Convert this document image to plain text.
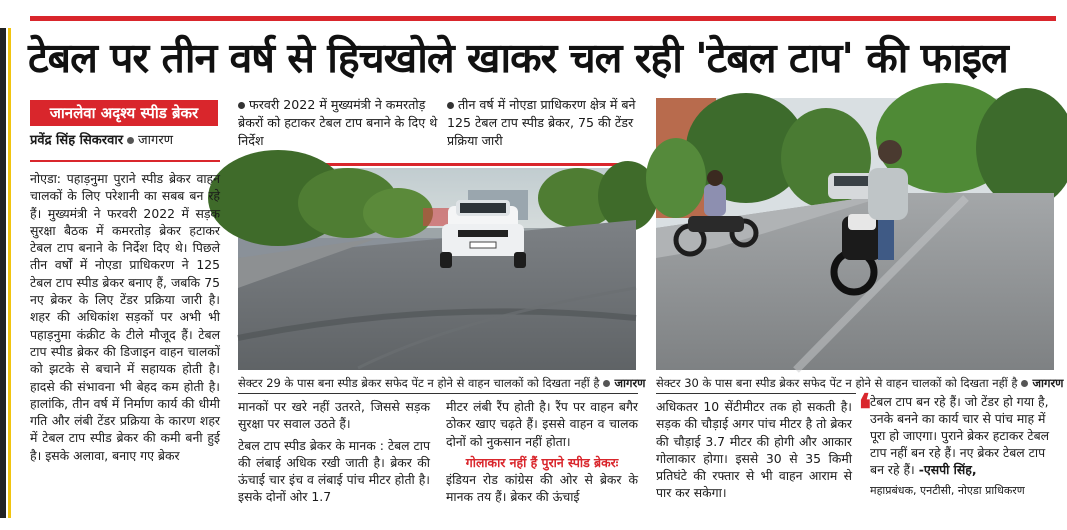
टेबल पर तीन वर्ष से हिचखोले खाकर चल रही 'टेबल टाप' की फाइल
जानलेवा अदृश्य स्पीड ब्रेकर
प्रवेंद्र सिंह सिकरवार जागरण
फरवरी 2022 में मुख्यमंत्री ने कमरतोड़ ब्रेकरों को हटाकर टेबल टाप बनाने के दिए थे निर्देश
तीन वर्ष में नोएडा प्राधिकरण क्षेत्र में बने 125 टेबल टाप स्पीड ब्रेकर, 75 की टेंडर प्रक्रिया जारी

नोएडा: पहाड़नुमा पुराने स्पीड ब्रेकर वाहन चालकों के लिए परेशानी का सबब बन रहे हैं। मुख्यमंत्री ने फरवरी 2022 में सड़क सुरक्षा बैठक में कमरतोड़ ब्रेकर हटाकर टेबल टाप बनाने के निर्देश दिए थे। पिछले तीन वर्षों में नोएडा प्राधिकरण ने 125 टेबल टाप स्पीड ब्रेकर बनाए हैं, जबकि 75 नए ब्रेकर के लिए टेंडर प्रक्रिया जारी है। शहर की अधिकांश सड़कों पर अभी भी पहाड़नुमा कंक्रीट के टीले मौजूद हैं। टेबल टाप स्पीड ब्रेकर की डिजाइन वाहन चालकों को झटके से बचाने में सहायक होती है। हादसे की संभावना भी बेहद कम होती है। हालांकि, तीन वर्ष में निर्माण कार्य की धीमी गति और लंबी टेंडर प्रक्रिया के कारण शहर में टेबल टाप स्पीड ब्रेकर की कमी बनी हुई है। इसके अलावा, बनाए गए ब्रेकर

सेक्टर 29 के पास बना स्पीड ब्रेकर सफेद पेंट न होने से वाहन चालकों को दिखता नहीं है जागरण सेक्टर 30 के पास बना स्पीड ब्रेकर सफेद पेंट न होने से वाहन चालकों को दिखता नहीं है जागरण

मानकों पर खरे नहीं उतरते, जिससे सड़क सुरक्षा पर सवाल उठते हैं।

टेबल टाप स्पीड ब्रेकर के मानक : टेबल टाप की लंबाई अधिक रखी जाती है। ब्रेकर की ऊंचाई चार इंच व लंबाई पांच मीटर होती है। इसके दोनों ओर 1.7

मीटर लंबी रैंप होती है। रैंप पर वाहन बगैर ठोकर खाए चढ़ते हैं। इससे वाहन व चालक दोनों को नुकसान नहीं होता।

गोलाकार नहीं हैं पुराने स्पीड ब्रेकरः

इंडियन रोड कांग्रेस की ओर से ब्रेकर के मानक तय हैं। ब्रेकर की ऊंचाई

अधिकतर 10 सेंटीमीटर तक हो सकती है। सड़क की चौड़ाई अगर पांच मीटर है तो ब्रेकर की चौड़ाई 3.7 मीटर की होगी और आकार गोलाकार होगा। इससे 30 से 35 किमी प्रतिघंटे की रफ्तार से भी वाहन आराम से पार कर सकेगा।

❛
टेबल टाप बन रहे हैं। जो टेंडर हो गया है, उनके बनने का कार्य चार से पांच माह में पूरा हो जाएगा। पुराने ब्रेकर हटाकर टेबल टाप नहीं बन रहे हैं। नए ब्रेकर टेबल टाप बन रहे हैं। -एसपी सिंह,
महाप्रबंधक, एनटीसी, नोएडा प्राधिकरण
